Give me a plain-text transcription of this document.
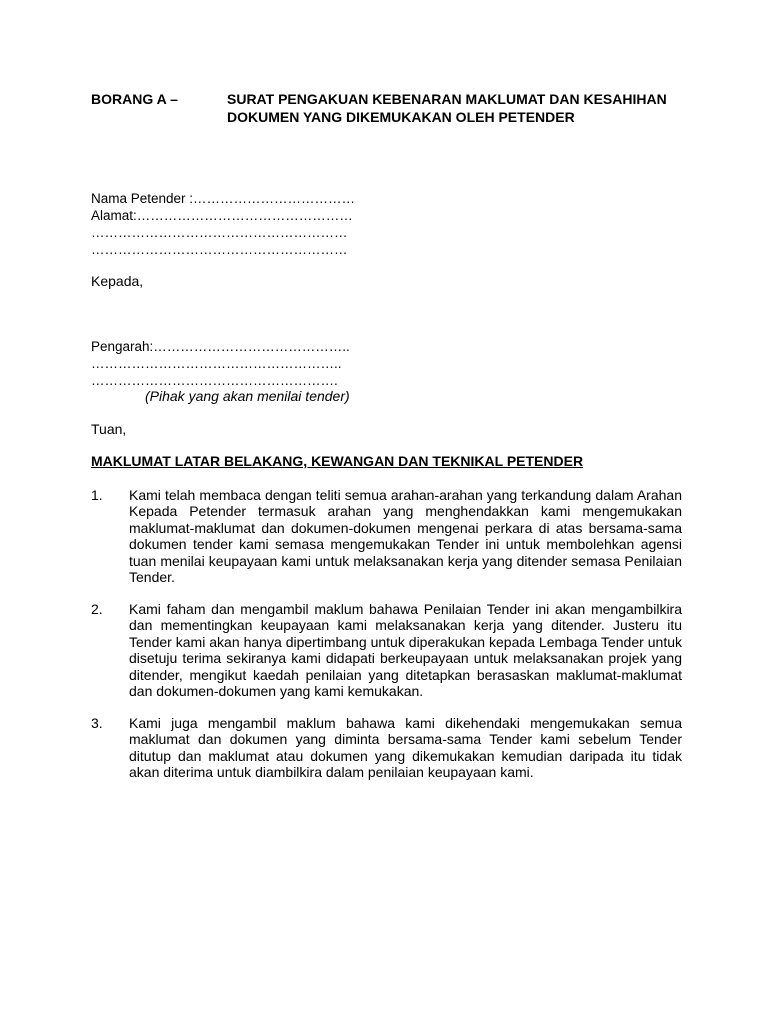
BORANG A –	SURAT PENGAKUAN KEBENARAN MAKLUMAT DAN KESAHIHAN
DOKUMEN YANG DIKEMUKAKAN OLEH PETENDER
Nama Petender :………………………………
Alamat:…………………………………………
…………………………………………………
…………………………………………………
Kepada,
Pengarah:……………………………………..
………………………………………………..
……………………………………………….
(Pihak yang akan menilai tender)
Tuan,
MAKLUMAT LATAR BELAKANG, KEWANGAN DAN TEKNIKAL PETENDER
1. Kami telah membaca dengan teliti semua arahan-arahan yang terkandung dalam Arahan Kepada Petender termasuk arahan yang menghendakkan kami mengemukakan maklumat-maklumat dan dokumen-dokumen mengenai perkara di atas bersama-sama dokumen tender kami semasa mengemukakan Tender ini untuk membolehkan agensi tuan menilai keupayaan kami untuk melaksanakan kerja yang ditender semasa Penilaian Tender.
2. Kami faham dan mengambil maklum bahawa Penilaian Tender ini akan mengambilkira dan mementingkan keupayaan kami melaksanakan kerja yang ditender. Justeru itu Tender kami akan hanya dipertimbang untuk diperakukan kepada Lembaga Tender untuk disetuju terima sekiranya kami didapati berkeupayaan untuk melaksanakan projek yang ditender, mengikut kaedah penilaian yang ditetapkan berasaskan maklumat-maklumat dan dokumen-dokumen yang kami kemukakan.
3. Kami juga mengambil maklum bahawa kami dikehendaki mengemukakan semua maklumat dan dokumen yang diminta bersama-sama Tender kami sebelum Tender ditutup dan maklumat atau dokumen yang dikemukakan kemudian daripada itu tidak akan diterima untuk diambilkira dalam penilaian keupayaan kami.
